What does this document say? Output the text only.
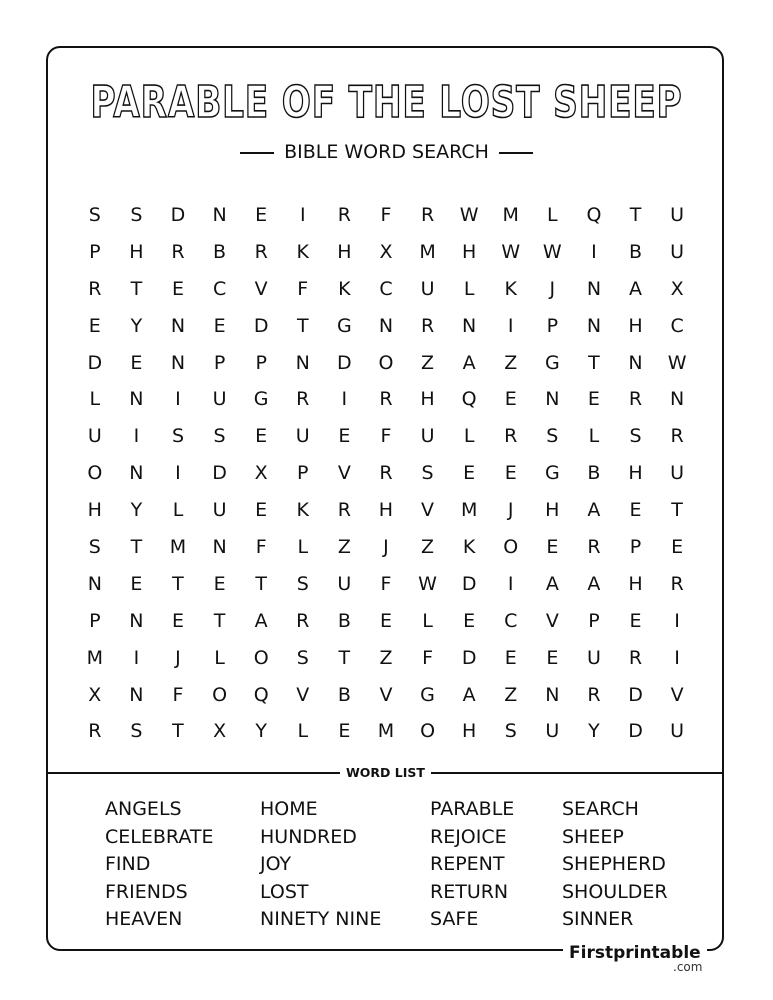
PARABLE OF THE LOST SHEEP
BIBLE WORD SEARCH
S	S	D	N	E	I	R	F	R	W	M	L	Q	T	U
P	H	R	B	R	K	H	X	M	H	W	W	I	B	U
R	T	E	C	V	F	K	C	U	L	K	J	N	A	X
E	Y	N	E	D	T	G	N	R	N	I	P	N	H	C
D	E	N	P	P	N	D	O	Z	A	Z	G	T	N	W
L	N	I	U	G	R	I	R	H	Q	E	N	E	R	N
U	I	S	S	E	U	E	F	U	L	R	S	L	S	R
O	N	I	D	X	P	V	R	S	E	E	G	B	H	U
H	Y	L	U	E	K	R	H	V	M	J	H	A	E	T
S	T	M	N	F	L	Z	J	Z	K	O	E	R	P	E
N	E	T	E	T	S	U	F	W	D	I	A	A	H	R
P	N	E	T	A	R	B	E	L	E	C	V	P	E	I
M	I	J	L	O	S	T	Z	F	D	E	E	U	R	I
X	N	F	O	Q	V	B	V	G	A	Z	N	R	D	V
R	S	T	X	Y	L	E	M	O	H	S	U	Y	D	U
WORD LIST
ANGELS
CELEBRATE
FIND
FRIENDS
HEAVEN
HOME
HUNDRED
JOY
LOST
NINETY NINE
PARABLE
REJOICE
REPENT
RETURN
SAFE
SEARCH
SHEEP
SHEPHERD
SHOULDER
SINNER
Firstprintable
.com
